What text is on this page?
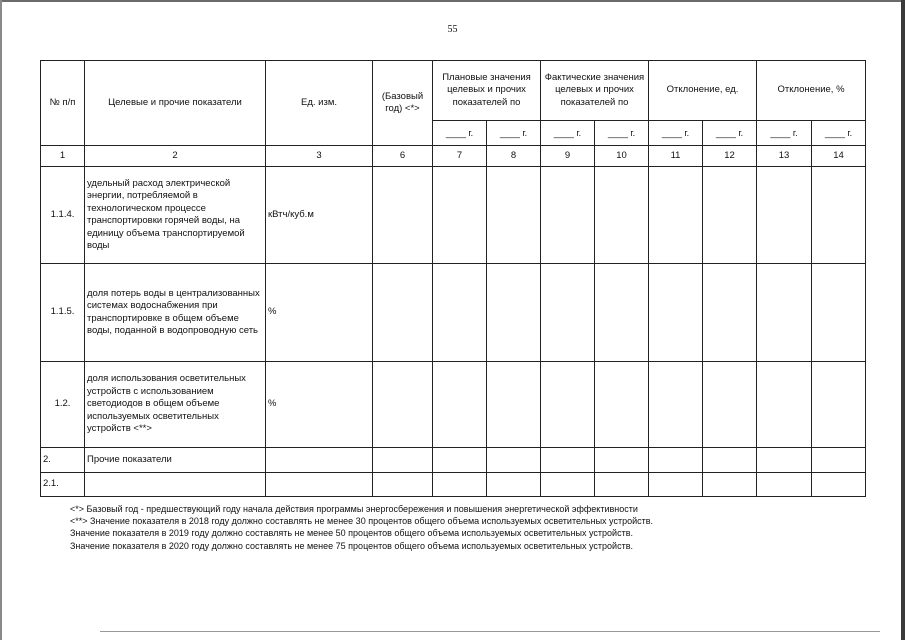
55
№ п/п	Целевые и прочие показатели	Ед. изм.	(Базовый год) <*>	Плановые значения целевых и прочих показателей по		Фактические значения целевых и прочих показателей по		Отклонение, ед.		Отклонение, %	
				____ г.	____ г.	____ г.	____ г.	____ г.	____ г.	____ г.	____ г.
1	2	3	6	7	8	9	10	11	12	13	14
1.1.4.	удельный расход электрической энергии, потребляемой в технологическом процессе транспортировки горячей воды, на единицу объема транспортируемой воды	кВтч/куб.м									
1.1.5.	доля потерь воды в централизованных системах водоснабжения при транспортировке в общем объеме воды, поданной в водопроводную сеть	%									
1.2.	доля использования осветительных устройств с использованием светодиодов в общем объеме используемых осветительных устройств <**>	%									
2.	Прочие показатели										
2.1.											
<*> Базовый год - предшествующий году начала действия программы энергосбережения и повышения энергетической эффективности
<**> Значение показателя в 2018 году должно составлять не менее 30 процентов общего объема используемых осветительных устройств.
Значение показателя в 2019 году должно составлять не менее 50 процентов общего объема используемых осветительных устройств.
Значение показателя в 2020 году должно составлять не менее 75 процентов общего объема используемых осветительных устройств.
